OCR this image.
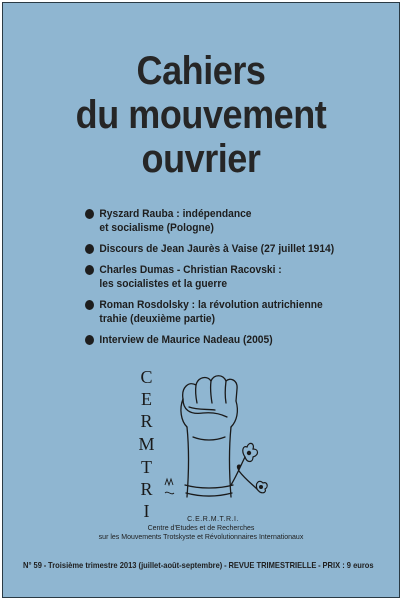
Cahiers
du mouvement
ouvrier
Ryszard Rauba : indépendance
et socialisme (Pologne)
Discours de Jean Jaurès à Vaise (27 juillet 1914)
Charles Dumas - Christian Racovski :
les socialistes et la guerre
Roman Rosdolsky : la révolution autrichienne
trahie (deuxième partie)
Interview de Maurice Nadeau (2005)
C
E
R
M
T
R
I	C.E.R.M.T.R.I.
Centre d'Etudes et de Recherches
sur les Mouvements Trotskyste et Révolutionnaires Internationaux
N° 59 - Troisième trimestre 2013 (juillet-août-septembre) - REVUE TRIMESTRIELLE - PRIX : 9 euros
